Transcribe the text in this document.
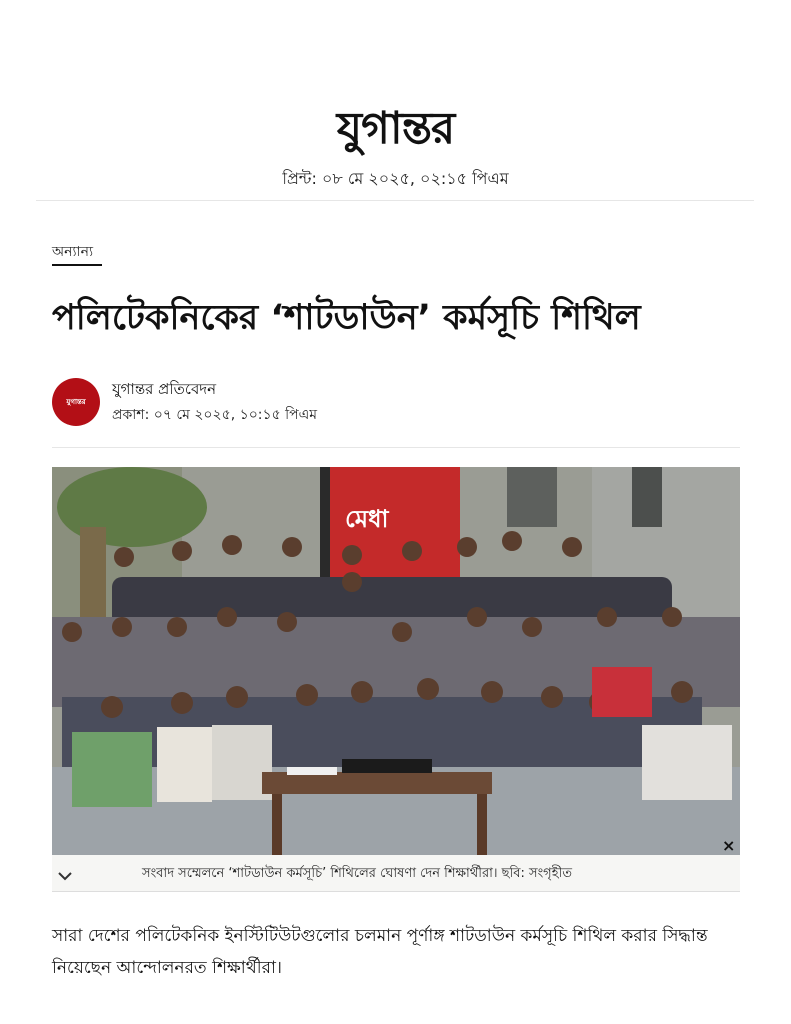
যুগান্তর
প্রিন্ট: ০৮ মে ২০২৫, ০২:১৫ পিএম
অন্যান্য
পলিটেকনিকের ‘শাটডাউন’ কর্মসূচি শিথিল
যুগান্তর
যুগান্তর প্রতিবেদন
প্রকাশ: ০৭ মে ২০২৫, ১০:১৫ পিএম
মেধা
×
সংবাদ সম্মেলনে ‘শাটডাউন কর্মসূচি’ শিথিলের ঘোষণা দেন শিক্ষার্থীরা। ছবি: সংগৃহীত

সারা দেশের পলিটেকনিক ইনস্টিটিউটগুলোর চলমান পূর্ণাঙ্গ শাটডাউন কর্মসূচি শিথিল করার সিদ্ধান্ত নিয়েছেন আন্দোলনরত শিক্ষার্থীরা।
